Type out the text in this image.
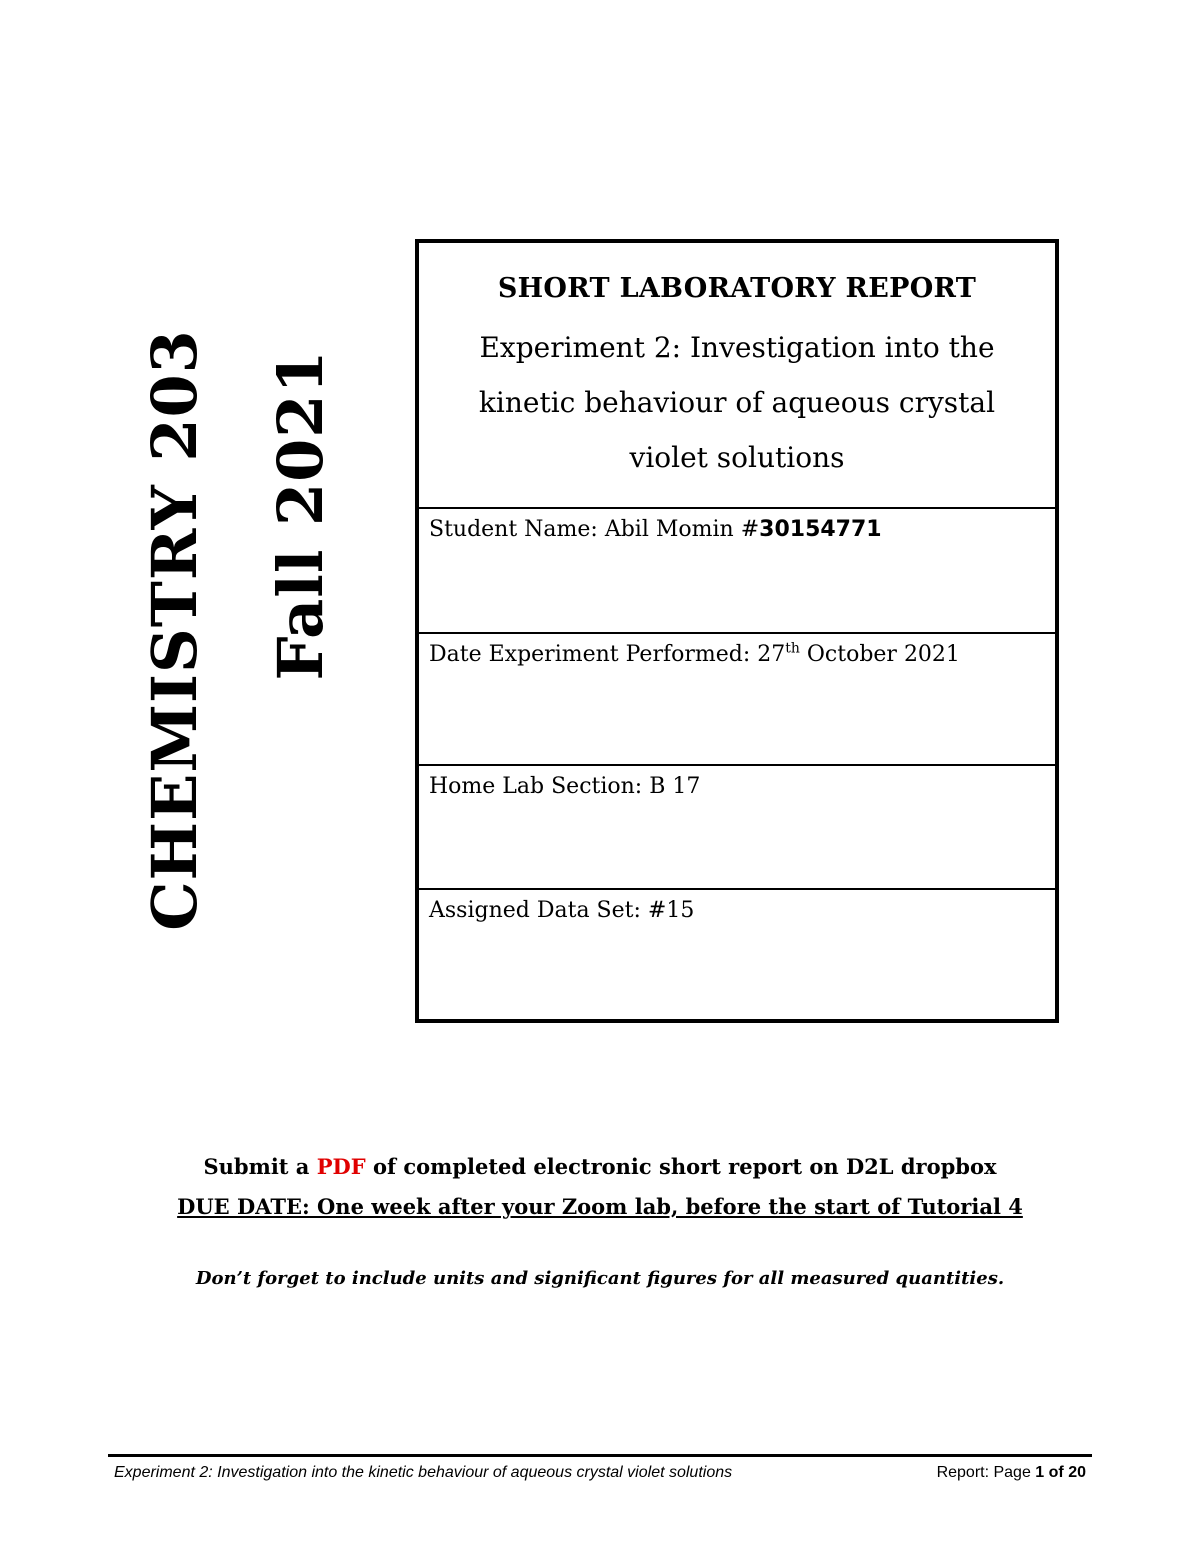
CHEMISTRY 203 Fall 2021
SHORT LABORATORY REPORT
Experiment 2: Investigation into the
kinetic behaviour of aqueous crystal
violet solutions
Student Name: Abil Momin #30154771
Date Experiment Performed: 27th October 2021
Home Lab Section: B 17
Assigned Data Set: #15

Submit a PDF of completed electronic short report on D2L dropbox

DUE DATE: One week after your Zoom lab, before the start of Tutorial 4

Don’t forget to include units and significant figures for all measured quantities.

Experiment 2: Investigation into the kinetic behaviour of aqueous crystal violet solutions	Report: Page 1 of 20
